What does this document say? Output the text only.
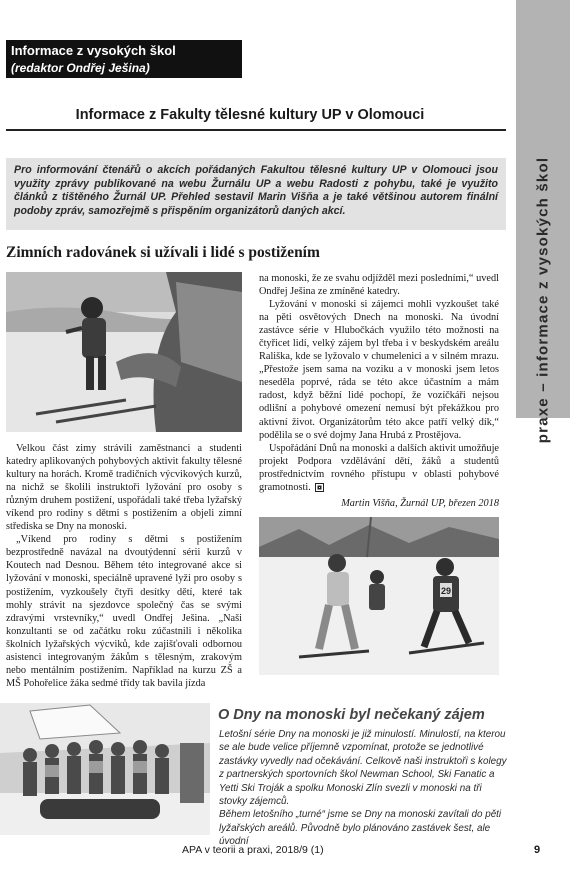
praxe – informace z vysokých škol
Informace z vysokých škol
(redaktor Ondřej Ješina)
Informace z Fakulty tělesné kultury UP v Olomouci

Pro informování čtenářů o akcích pořádaných Fakultou tělesné kultury UP v Olomouci jsou využity zprávy publikované na webu Žurnálu UP a webu Radosti z pohybu, také je využito článků z tištěného Žurnál UP. Přehled sestavil Marin Višňa a je také většinou autorem finální podoby zpráv, samozřejmě s přispěním organizátorů daných akcí.

Zimních radovánek si užívali i lidé s postižením

Velkou část zimy strávili zaměstnanci a studenti katedry aplikovaných pohybových aktivit fakulty tělesné kultury na horách. Kromě tradičních výcvikových kurzů, na nichž se školili instruktoři lyžování pro osoby s různým druhem postižení, uspořádali také třeba lyžařský víkend pro rodiny s dětmi s postižením a objeli zimní střediska se Dny na monoski.

„Víkend pro rodiny s dětmi s postižením bezprostředně navázal na dvoutýdenní sérii kurzů v Koutech nad Desnou. Během této integrované akce si lyžování v monoski, speciálně upravené lyži pro osoby s postižením, vyzkoušely čtyři desítky dětí, které tak mohly strávit na sjezdovce společný čas se svými zdravými vrstevníky,“ uvedl Ondřej Ješina. „Naši konzultanti se od začátku roku zúčastnili i několika školních lyžařských výcviků, kde zajišťovali odbornou asistenci integrovaným žákům s tělesným, zrakovým nebo mentálním postižením. Například na kurzu ZŠ a MŠ Pohořelice žáka sedmé třídy tak bavila jízda

na monoski, že ze svahu odjížděl mezi posledními,“ uvedl Ondřej Ješina ze zmíněné katedry.

Lyžování v monoski si zájemci mohli vyzkoušet také na pěti osvětových Dnech na monoski. Na úvodní zastávce série v Hlubočkách využilo této možnosti na čtyřicet lidí, velký zájem byl třeba i v beskydském areálu Rališka, kde se lyžovalo v chumelenici a v silném mrazu. „Přestože jsem sama na voziku a v monoski jsem letos neseděla poprvé, ráda se této akce účastním a mám radost, když běžní lidé pochopí, že vozíčkáři nejsou odlišní a pohybové omezení nemusí být překážkou pro aktivní život. Organizátorům této akce patří velký dík,“ podělila se o své dojmy Jana Hrubá z Prostějova.

Uspořádání Dnů na monoski a dalších aktivit umožňuje projekt Podpora vzdělávání dětí, žáků a studentů prostřednictvím rovného přístupu v oblasti pohybové gramotnosti.

Martin Višňa, Žurnál UP, březen 2018
29
O Dny na monoski byl nečekaný zájem

Letošní série Dny na monoski je již minulostí. Minulostí, na kterou se ale bude velice příjemně vzpomínat, protože se jednotlivé zastávky vyvedly nad očekávání. Celkově naši instruktoři s kolegy z partnerských sportovních škol Newman School, Ski Fanatic a Yetti Ski Troják a spolku Monoski Zlín svezli v monoski na tři stovky zájemců.

Během letošního „turné“ jsme se Dny na monoski zavítali do pěti lyžařských areálů. Původně bylo plánováno zastávek šest, ale úvodní

APA v teorii a praxi, 2018/9 (1)	9
